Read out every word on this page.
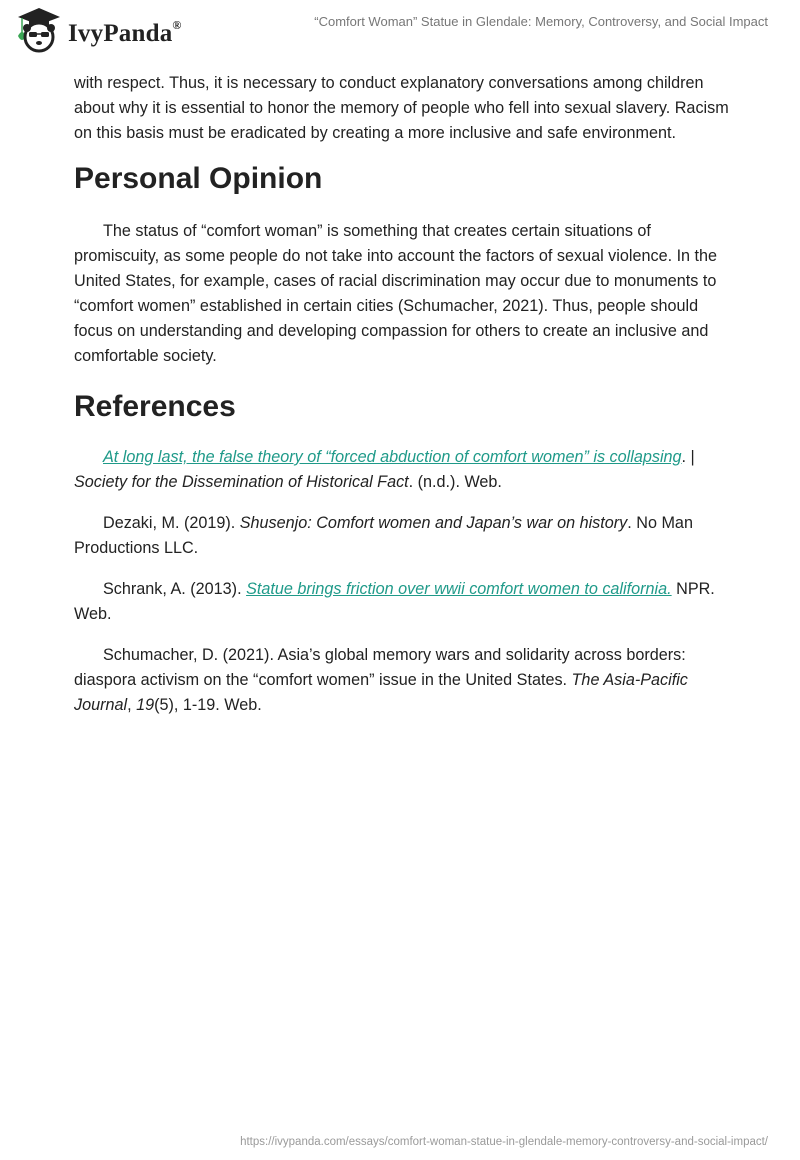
IvyPanda®	“Comfort Woman” Statue in Glendale: Memory, Controversy, and Social Impact

with respect. Thus, it is necessary to conduct explanatory conversations among children about why it is essential to honor the memory of people who fell into sexual slavery. Racism on this basis must be eradicated by creating a more inclusive and safe environment.

Personal Opinion

The status of “comfort woman” is something that creates certain situations of promiscuity, as some people do not take into account the factors of sexual violence. In the United States, for example, cases of racial discrimination may occur due to monuments to “comfort women” established in certain cities (Schumacher, 2021). Thus, people should focus on understanding and developing compassion for others to create an inclusive and comfortable society.

References

At long last, the false theory of “forced abduction of comfort women” is collapsing. | Society for the Dissemination of Historical Fact. (n.d.). Web.

Dezaki, M. (2019). Shusenjo: Comfort women and Japan’s war on history. No Man Productions LLC.

Schrank, A. (2013). Statue brings friction over wwii comfort women to california. NPR. Web.

Schumacher, D. (2021). Asia’s global memory wars and solidarity across borders: diaspora activism on the “comfort women” issue in the United States. The Asia-Pacific Journal, 19(5), 1-19. Web.

https://ivypanda.com/essays/comfort-woman-statue-in-glendale-memory-controversy-and-social-impact/
